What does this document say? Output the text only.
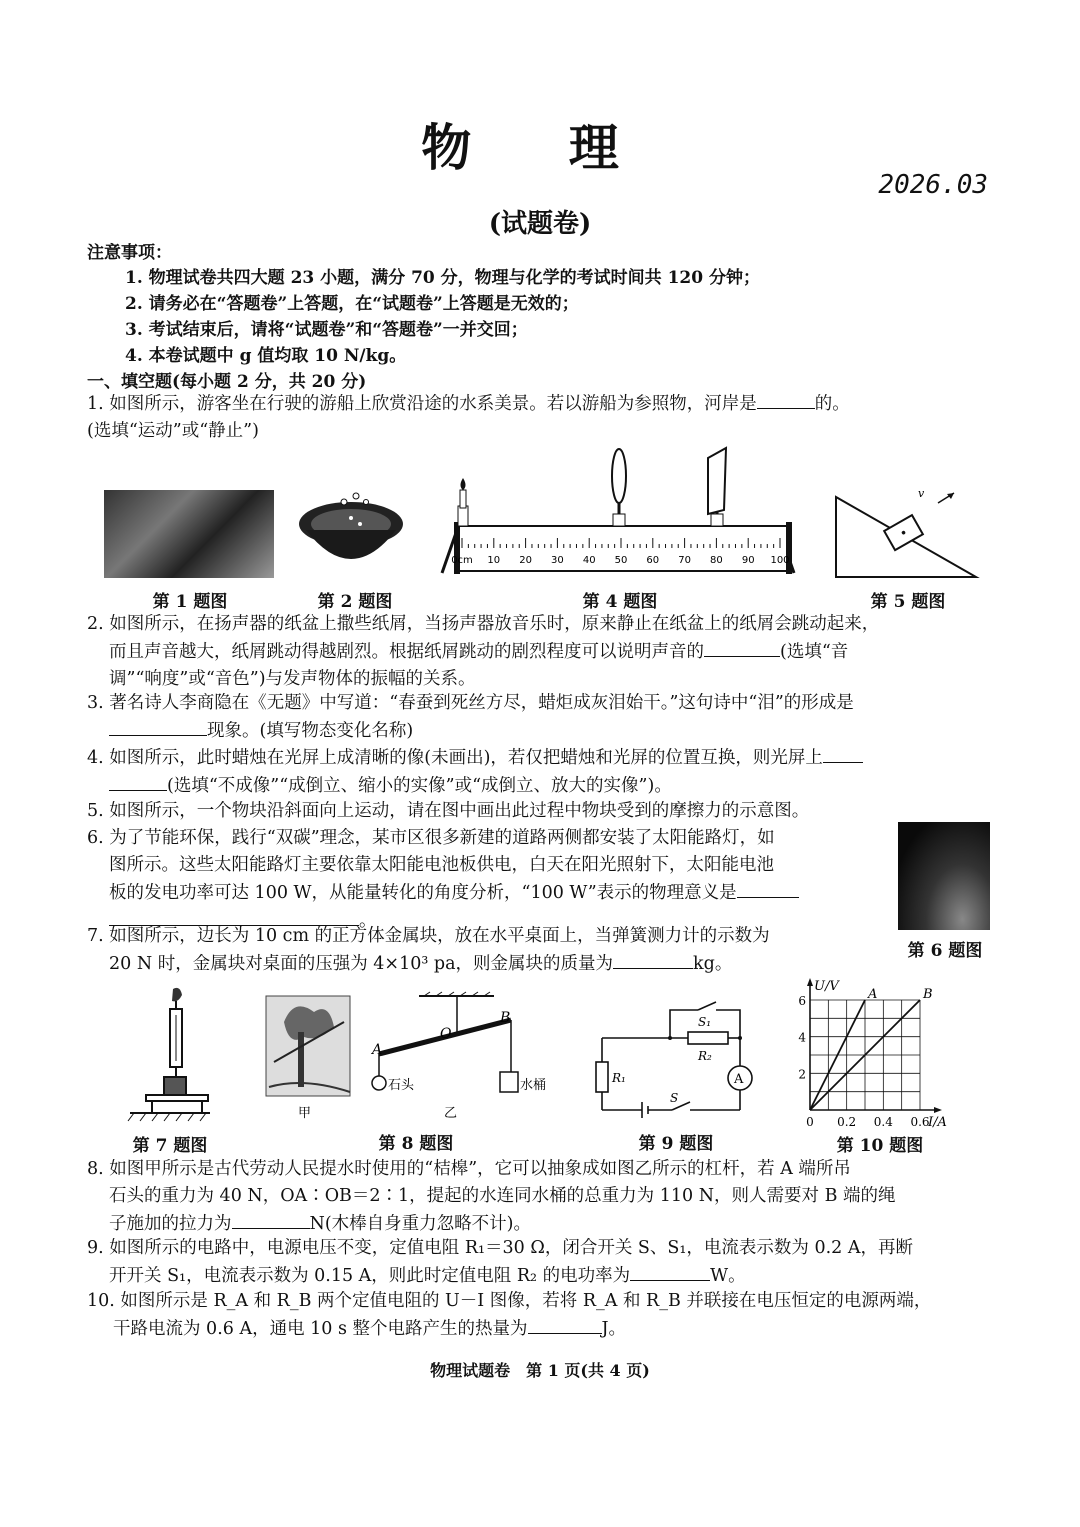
物 理
2026.03
(试题卷)
注意事项：
1. 物理试卷共四大题 23 小题，满分 70 分，物理与化学的考试时间共 120 分钟；
2. 请务必在“答题卷”上答题，在“试题卷”上答题是无效的；
3. 考试结束后，请将“试题卷”和“答题卷”一并交回；
4. 本卷试题中 g 值均取 10 N/kg。
一、填空题(每小题 2 分，共 20 分)
1. 如图所示，游客坐在行驶的游船上欣赏沿途的水系美景。若以游船为参照物，河岸是	的。
(选填“运动”或“静止”)
0cm 10 20 30 40 50 60 70 80 90 100
v
第 1 题图	第 2 题图	第 4 题图	第 5 题图
2. 如图所示，在扬声器的纸盆上撒些纸屑，当扬声器放音乐时，原来静止在纸盆上的纸屑会跳动起来，
而且声音越大，纸屑跳动得越剧烈。根据纸屑跳动的剧烈程度可以说明声音的	(选填“音
调”“响度”或“音色”)与发声物体的振幅的关系。
3. 著名诗人李商隐在《无题》中写道：“春蚕到死丝方尽，蜡炬成灰泪始干。”这句诗中“泪”的形成是
现象。(填写物态变化名称)
4. 如图所示，此时蜡烛在光屏上成清晰的像(未画出)，若仅把蜡烛和光屏的位置互换，则光屏上
(选填“不成像”“成倒立、缩小的实像”或“成倒立、放大的实像”)。
5. 如图所示，一个物块沿斜面向上运动，请在图中画出此过程中物块受到的摩擦力的示意图。
6. 为了节能环保，践行“双碳”理念，某市区很多新建的道路两侧都安装了太阳能路灯，如
图所示。这些太阳能路灯主要依靠太阳能电池板供电，白天在阳光照射下，太阳能电池
板的发电功率可达 100 W，从能量转化的角度分析，“100 W”表示的物理意义是
。
第 6 题图
7. 如图所示，边长为 10 cm 的正方体金属块，放在水平桌面上，当弹簧测力计的示数为
20 N 时，金属块对桌面的压强为 4×10³ pa，则金属块的质量为	kg。
第 7 题图
甲
A
O
B
石头	水桶
乙
第 8 题图
A
S₁
R₂
R₁
S
第 9 题图
A	B
6
4
2
0 0.2 0.4 0.6
U/V
I/A
第 10 题图
8. 如图甲所示是古代劳动人民提水时使用的“桔槔”，它可以抽象成如图乙所示的杠杆，若 A 端所吊
石头的重力为 40 N，OA∶OB＝2∶1，提起的水连同水桶的总重力为 110 N，则人需要对 B 端的绳
子施加的拉力为	N(木棒自身重力忽略不计)。
9. 如图所示的电路中，电源电压不变，定值电阻 R₁＝30 Ω，闭合开关 S、S₁，电流表示数为 0.2 A，再断
开开关 S₁，电流表示数为 0.15 A，则此时定值电阻 R₂ 的电功率为	W。
10. 如图所示是 R_A 和 R_B 两个定值电阻的 U－I 图像，若将 R_A 和 R_B 并联接在电压恒定的电源两端，
干路电流为 0.6 A，通电 10 s 整个电路产生的热量为	J。
物理试题卷　第 1 页(共 4 页)
